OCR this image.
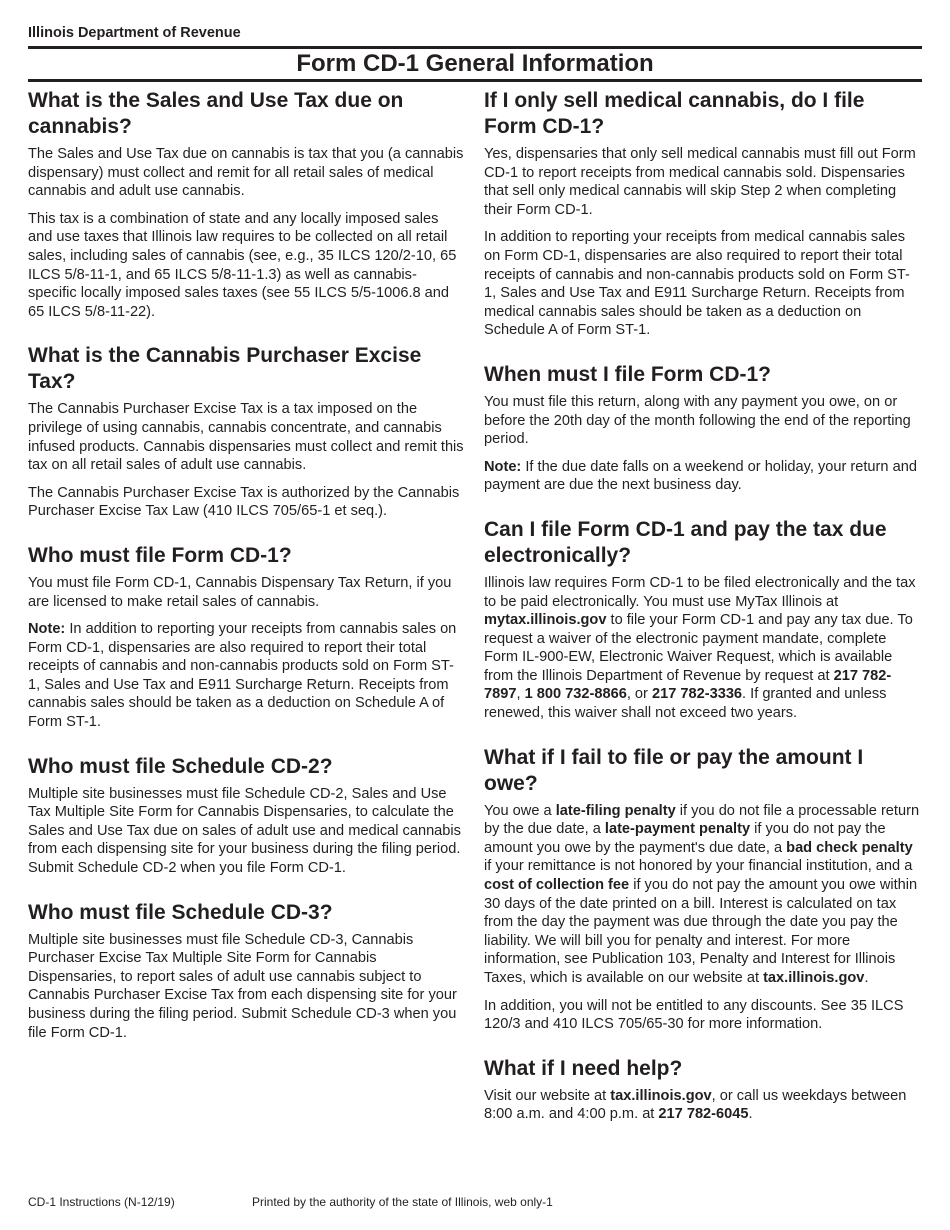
Illinois Department of Revenue
Form CD-1 General Information
What is the Sales and Use Tax due on cannabis?

The Sales and Use Tax due on cannabis is tax that you (a cannabis dispensary) must collect and remit for all retail sales of medical cannabis and adult use cannabis.

This tax is a combination of state and any locally imposed sales and use taxes that Illinois law requires to be collected on all retail sales, including sales of cannabis (see, e.g., 35 ILCS 120/2-10, 65 ILCS 5/8-11-1, and 65 ILCS 5/8-11-1.3) as well as cannabis-specific locally imposed sales taxes (see 55 ILCS 5/5-1006.8 and 65 ILCS 5/8-11-22).

What is the Cannabis Purchaser Excise Tax?

The Cannabis Purchaser Excise Tax is a tax imposed on the privilege of using cannabis, cannabis concentrate, and cannabis infused products. Cannabis dispensaries must collect and remit this tax on all retail sales of adult use cannabis.

The Cannabis Purchaser Excise Tax is authorized by the Cannabis Purchaser Excise Tax Law (410 ILCS 705/65-1 et seq.).

Who must file Form CD-1?

You must file Form CD-1, Cannabis Dispensary Tax Return, if you are licensed to make retail sales of cannabis.

Note: In addition to reporting your receipts from cannabis sales on Form CD-1, dispensaries are also required to report their total receipts of cannabis and non-cannabis products sold on Form ST-1, Sales and Use Tax and E911 Surcharge Return. Receipts from cannabis sales should be taken as a deduction on Schedule A of Form ST-1.

Who must file Schedule CD-2?

Multiple site businesses must file Schedule CD-2, Sales and Use Tax Multiple Site Form for Cannabis Dispensaries, to calculate the Sales and Use Tax due on sales of adult use and medical cannabis from each dispensing site for your business during the filing period. Submit Schedule CD-2 when you file Form CD-1.

Who must file Schedule CD-3?

Multiple site businesses must file Schedule CD-3, Cannabis Purchaser Excise Tax Multiple Site Form for Cannabis Dispensaries, to report sales of adult use cannabis subject to Cannabis Purchaser Excise Tax from each dispensing site for your business during the filing period. Submit Schedule CD-3 when you file Form CD-1.

If I only sell medical cannabis, do I file Form CD-1?

Yes, dispensaries that only sell medical cannabis must fill out Form CD-1 to report receipts from medical cannabis sold. Dispensaries that sell only medical cannabis will skip Step 2 when completing their Form CD-1.

In addition to reporting your receipts from medical cannabis sales on Form CD-1, dispensaries are also required to report their total receipts of cannabis and non-cannabis products sold on Form ST-1, Sales and Use Tax and E911 Surcharge Return. Receipts from medical cannabis sales should be taken as a deduction on Schedule A of Form ST-1.

When must I file Form CD-1?

You must file this return, along with any payment you owe, on or before the 20th day of the month following the end of the reporting period.

Note: If the due date falls on a weekend or holiday, your return and payment are due the next business day.

Can I file Form CD-1 and pay the tax due electronically?

Illinois law requires Form CD-1 to be filed electronically and the tax to be paid electronically. You must use MyTax Illinois at mytax.illinois.gov to file your Form CD-1 and pay any tax due. To request a waiver of the electronic payment mandate, complete Form IL-900-EW, Electronic Waiver Request, which is available from the Illinois Department of Revenue by request at 217 782-7897, 1 800 732-8866, or 217 782-3336. If granted and unless renewed, this waiver shall not exceed two years.

What if I fail to file or pay the amount I owe?

You owe a late-filing penalty if you do not file a processable return by the due date, a late-payment penalty if you do not pay the amount you owe by the payment's due date, a bad check penalty if your remittance is not honored by your financial institution, and a cost of collection fee if you do not pay the amount you owe within 30 days of the date printed on a bill. Interest is calculated on tax from the day the payment was due through the date you pay the liability. We will bill you for penalty and interest. For more information, see Publication 103, Penalty and Interest for Illinois Taxes, which is available on our website at tax.illinois.gov.

In addition, you will not be entitled to any discounts. See 35 ILCS 120/3 and 410 ILCS 705/65-30 for more information.

What if I need help?

Visit our website at tax.illinois.gov, or call us weekdays between 8:00 a.m. and 4:00 p.m. at 217 782-6045.

CD-1 Instructions (N-12/19)	Printed by the authority of the state of Illinois, web only-1
